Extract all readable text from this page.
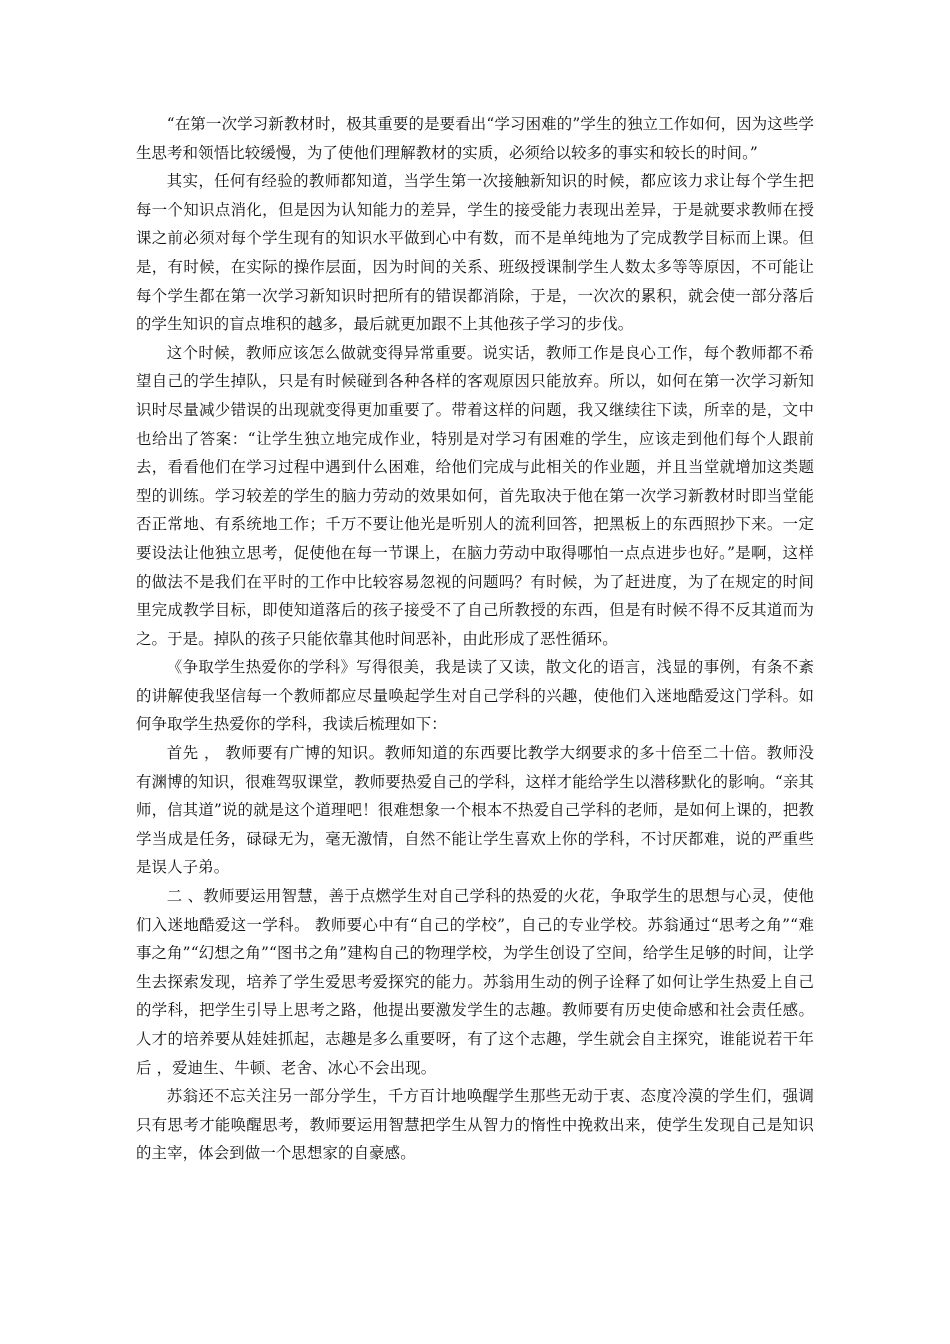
“在第一次学习新教材时，极其重要的是要看出“学习困难的”学生的独立工作如何，因为这些学生思考和领悟比较缓慢，为了使他们理解教材的实质，必须给以较多的事实和较长的时间。”

其实，任何有经验的教师都知道，当学生第一次接触新知识的时候，都应该力求让每个学生把每一个知识点消化，但是因为认知能力的差异，学生的接受能力表现出差异，于是就要求教师在授课之前必须对每个学生现有的知识水平做到心中有数，而不是单纯地为了完成教学目标而上课。但是，有时候，在实际的操作层面，因为时间的关系、班级授课制学生人数太多等等原因，不可能让每个学生都在第一次学习新知识时把所有的错误都消除，于是，一次次的累积，就会使一部分落后的学生知识的盲点堆积的越多，最后就更加跟不上其他孩子学习的步伐。

这个时候，教师应该怎么做就变得异常重要。说实话，教师工作是良心工作，每个教师都不希望自己的学生掉队，只是有时候碰到各种各样的客观原因只能放弃。所以，如何在第一次学习新知识时尽量减少错误的出现就变得更加重要了。带着这样的问题，我又继续往下读，所幸的是，文中也给出了答案：“让学生独立地完成作业，特别是对学习有困难的学生，应该走到他们每个人跟前去，看看他们在学习过程中遇到什么困难，给他们完成与此相关的作业题，并且当堂就增加这类题型的训练。学习较差的学生的脑力劳动的效果如何，首先取决于他在第一次学习新教材时即当堂能否正常地、有系统地工作；千万不要让他光是听别人的流利回答，把黑板上的东西照抄下来。一定要设法让他独立思考，促使他在每一节课上，在脑力劳动中取得哪怕一点点进步也好。”是啊，这样的做法不是我们在平时的工作中比较容易忽视的问题吗？有时候，为了赶进度，为了在规定的时间里完成教学目标，即使知道落后的孩子接受不了自己所教授的东西，但是有时候不得不反其道而为之。于是。掉队的孩子只能依靠其他时间恶补，由此形成了恶性循环。

《争取学生热爱你的学科》写得很美，我是读了又读，散文化的语言，浅显的事例，有条不紊的讲解使我坚信每一个教师都应尽量唤起学生对自己学科的兴趣，使他们入迷地酷爱这门学科。如何争取学生热爱你的学科，我读后梳理如下：

首先 ， 教师要有广博的知识。教师知道的东西要比教学大纲要求的多十倍至二十倍。教师没有渊博的知识，很难驾驭课堂，教师要热爱自己的学科，这样才能给学生以潜移默化的影响。“亲其师，信其道”说的就是这个道理吧！很难想象一个根本不热爱自己学科的老师，是如何上课的，把教学当成是任务，碌碌无为，毫无激情，自然不能让学生喜欢上你的学科，不讨厌都难，说的严重些是误人子弟。

二 、教师要运用智慧，善于点燃学生对自己学科的热爱的火花，争取学生的思想与心灵，使他们入迷地酷爱这一学科。 教师要心中有“自己的学校”，自己的专业学校。苏翁通过“思考之角”“难事之角”“幻想之角”“图书之角”建构自己的物理学校，为学生创设了空间，给学生足够的时间，让学生去探索发现，培养了学生爱思考爱探究的能力。苏翁用生动的例子诠释了如何让学生热爱上自己的学科，把学生引导上思考之路，他提出要激发学生的志趣。教师要有历史使命感和社会责任感。人才的培养要从娃娃抓起，志趣是多么重要呀，有了这个志趣，学生就会自主探究，谁能说若干年后 ，爱迪生、牛顿、老舍、冰心不会出现。

苏翁还不忘关注另一部分学生，千方百计地唤醒学生那些无动于衷、态度冷漠的学生们，强调只有思考才能唤醒思考，教师要运用智慧把学生从智力的惰性中挽救出来，使学生发现自己是知识的主宰，体会到做一个思想家的自豪感。
